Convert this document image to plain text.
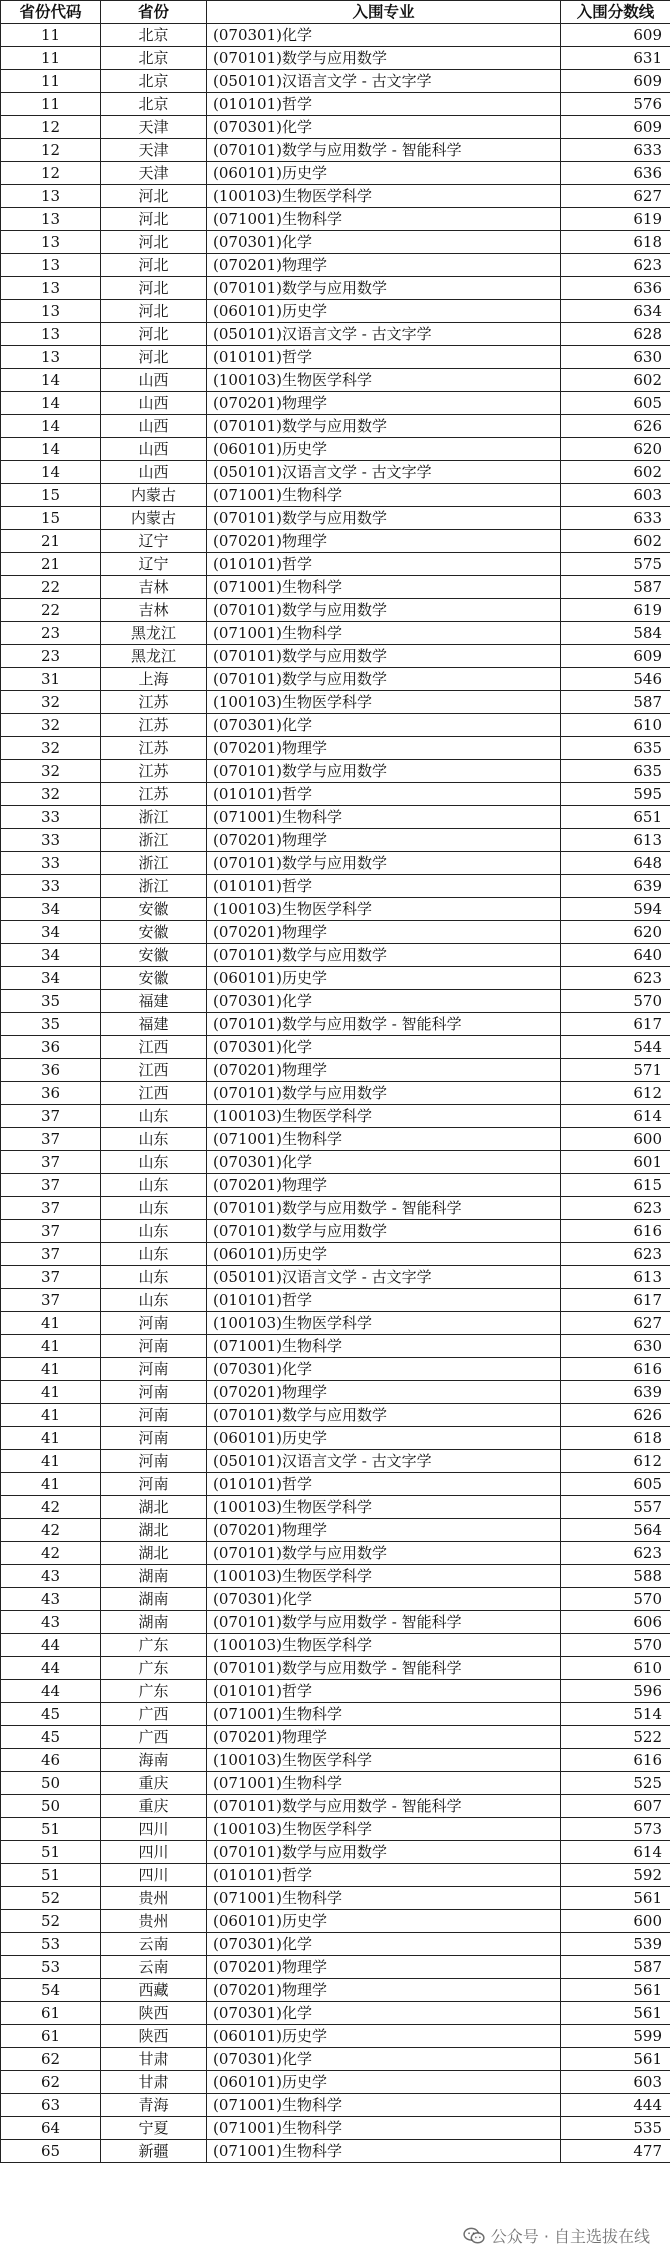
省份代码	省份	入围专业	入围分数线
11	北京	(070301)化学	609
11	北京	(070101)数学与应用数学	631
11	北京	(050101)汉语言文学 - 古文字学	609
11	北京	(010101)哲学	576
12	天津	(070301)化学	609
12	天津	(070101)数学与应用数学 - 智能科学	633
12	天津	(060101)历史学	636
13	河北	(100103)生物医学科学	627
13	河北	(071001)生物科学	619
13	河北	(070301)化学	618
13	河北	(070201)物理学	623
13	河北	(070101)数学与应用数学	636
13	河北	(060101)历史学	634
13	河北	(050101)汉语言文学 - 古文字学	628
13	河北	(010101)哲学	630
14	山西	(100103)生物医学科学	602
14	山西	(070201)物理学	605
14	山西	(070101)数学与应用数学	626
14	山西	(060101)历史学	620
14	山西	(050101)汉语言文学 - 古文字学	602
15	内蒙古	(071001)生物科学	603
15	内蒙古	(070101)数学与应用数学	633
21	辽宁	(070201)物理学	602
21	辽宁	(010101)哲学	575
22	吉林	(071001)生物科学	587
22	吉林	(070101)数学与应用数学	619
23	黑龙江	(071001)生物科学	584
23	黑龙江	(070101)数学与应用数学	609
31	上海	(070101)数学与应用数学	546
32	江苏	(100103)生物医学科学	587
32	江苏	(070301)化学	610
32	江苏	(070201)物理学	635
32	江苏	(070101)数学与应用数学	635
32	江苏	(010101)哲学	595
33	浙江	(071001)生物科学	651
33	浙江	(070201)物理学	613
33	浙江	(070101)数学与应用数学	648
33	浙江	(010101)哲学	639
34	安徽	(100103)生物医学科学	594
34	安徽	(070201)物理学	620
34	安徽	(070101)数学与应用数学	640
34	安徽	(060101)历史学	623
35	福建	(070301)化学	570
35	福建	(070101)数学与应用数学 - 智能科学	617
36	江西	(070301)化学	544
36	江西	(070201)物理学	571
36	江西	(070101)数学与应用数学	612
37	山东	(100103)生物医学科学	614
37	山东	(071001)生物科学	600
37	山东	(070301)化学	601
37	山东	(070201)物理学	615
37	山东	(070101)数学与应用数学 - 智能科学	623
37	山东	(070101)数学与应用数学	616
37	山东	(060101)历史学	623
37	山东	(050101)汉语言文学 - 古文字学	613
37	山东	(010101)哲学	617
41	河南	(100103)生物医学科学	627
41	河南	(071001)生物科学	630
41	河南	(070301)化学	616
41	河南	(070201)物理学	639
41	河南	(070101)数学与应用数学	626
41	河南	(060101)历史学	618
41	河南	(050101)汉语言文学 - 古文字学	612
41	河南	(010101)哲学	605
42	湖北	(100103)生物医学科学	557
42	湖北	(070201)物理学	564
42	湖北	(070101)数学与应用数学	623
43	湖南	(100103)生物医学科学	588
43	湖南	(070301)化学	570
43	湖南	(070101)数学与应用数学 - 智能科学	606
44	广东	(100103)生物医学科学	570
44	广东	(070101)数学与应用数学 - 智能科学	610
44	广东	(010101)哲学	596
45	广西	(071001)生物科学	514
45	广西	(070201)物理学	522
46	海南	(100103)生物医学科学	616
50	重庆	(071001)生物科学	525
50	重庆	(070101)数学与应用数学 - 智能科学	607
51	四川	(100103)生物医学科学	573
51	四川	(070101)数学与应用数学	614
51	四川	(010101)哲学	592
52	贵州	(071001)生物科学	561
52	贵州	(060101)历史学	600
53	云南	(070301)化学	539
53	云南	(070201)物理学	587
54	西藏	(070201)物理学	561
61	陕西	(070301)化学	561
61	陕西	(060101)历史学	599
62	甘肃	(070301)化学	561
62	甘肃	(060101)历史学	603
63	青海	(071001)生物科学	444
64	宁夏	(071001)生物科学	535
65	新疆	(071001)生物科学	477
公众号 · 自主选拔在线
